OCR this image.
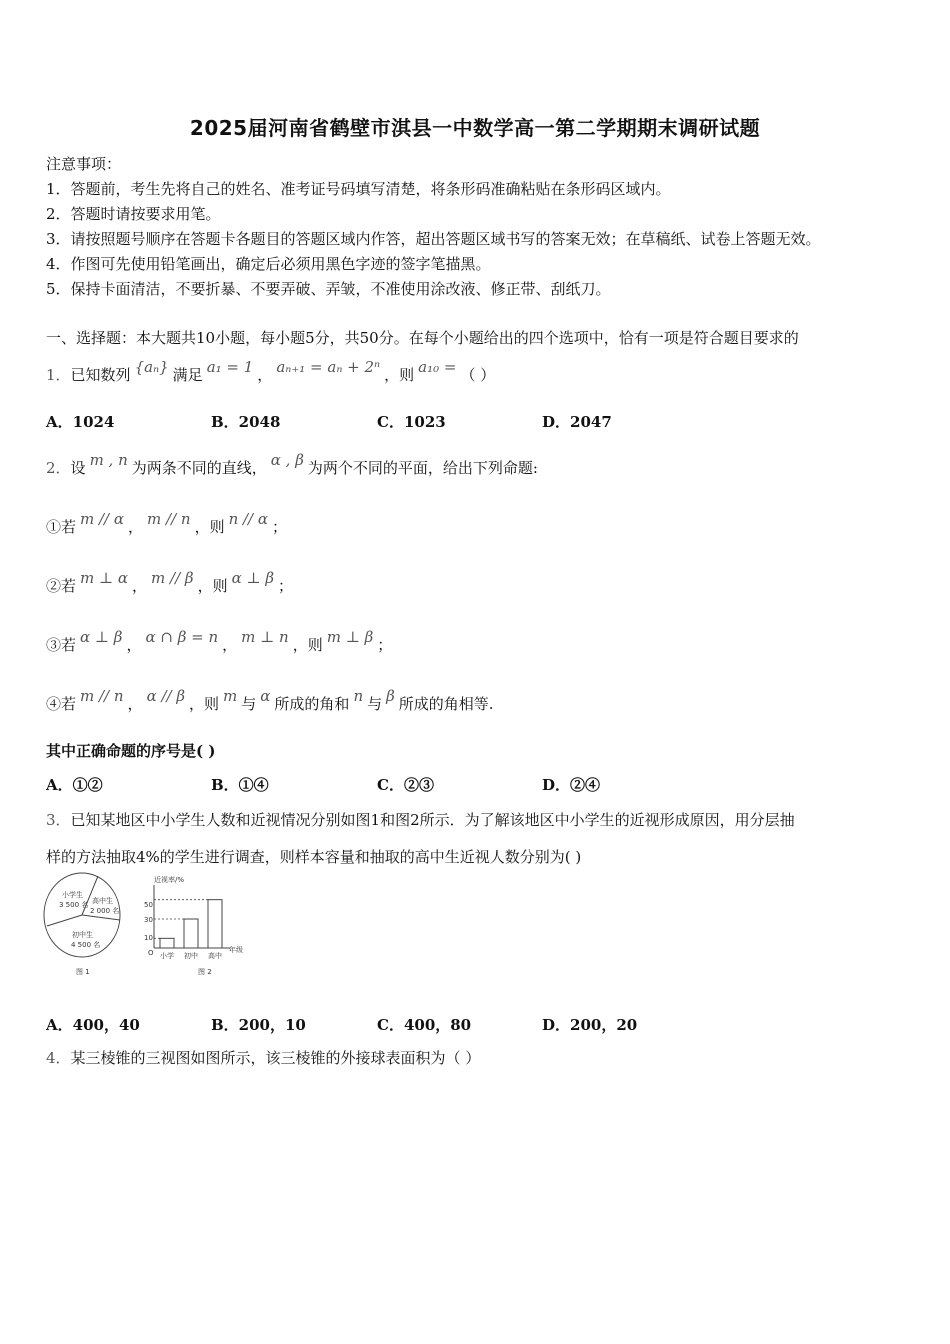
2025届河南省鹤壁市淇县一中数学高一第二学期期末调研试题
注意事项：
1．答题前，考生先将自己的姓名、准考证号码填写清楚，将条形码准确粘贴在条形码区域内。
2．答题时请按要求用笔。
3．请按照题号顺序在答题卡各题目的答题区域内作答，超出答题区域书写的答案无效；在草稿纸、试卷上答题无效。
4．作图可先使用铅笔画出，确定后必须用黑色字迹的签字笔描黑。
5．保持卡面清洁，不要折暴、不要弄破、弄皱，不准使用涂改液、修正带、刮纸刀。
一、选择题：本大题共10小题，每小题5分，共50分。在每个小题给出的四个选项中，恰有一项是符合题目要求的
1．已知数列 {aₙ} 满足 a₁ = 1 ， aₙ₊₁ = aₙ + 2ⁿ ，则 a₁₀ = （ ）
A．1024	B．2048	C．1023	D．2047
2．设 m , n 为两条不同的直线， α , β 为两个不同的平面，给出下列命题:
①若 m // α ， m // n ，则 n // α ；
②若 m ⊥ α ， m // β ，则 α ⊥ β ；
③若 α ⊥ β ， α ∩ β = n ， m ⊥ n ，则 m ⊥ β ；
④若 m // n ， α // β ，则 m 与 α 所成的角和 n 与 β 所成的角相等.
其中正确命题的序号是( )
A．①②	B．①④	C．②③	D．②④
3．已知某地区中小学生人数和近视情况分别如图1和图2所示．为了解该地区中小学生的近视形成原因，用分层抽
样的方法抽取4%的学生进行调查，则样本容量和抽取的高中生近视人数分别为( )
小学生
3 500 名 高中生
2 000 名
初中生
4 500 名
图 1
近视率/%
年级
O
50
30
10
小学 初中 高中
图 2
A．400，40	B．200，10	C．400，80	D．200，20
4．某三棱锥的三视图如图所示，该三棱锥的外接球表面积为（ ）
